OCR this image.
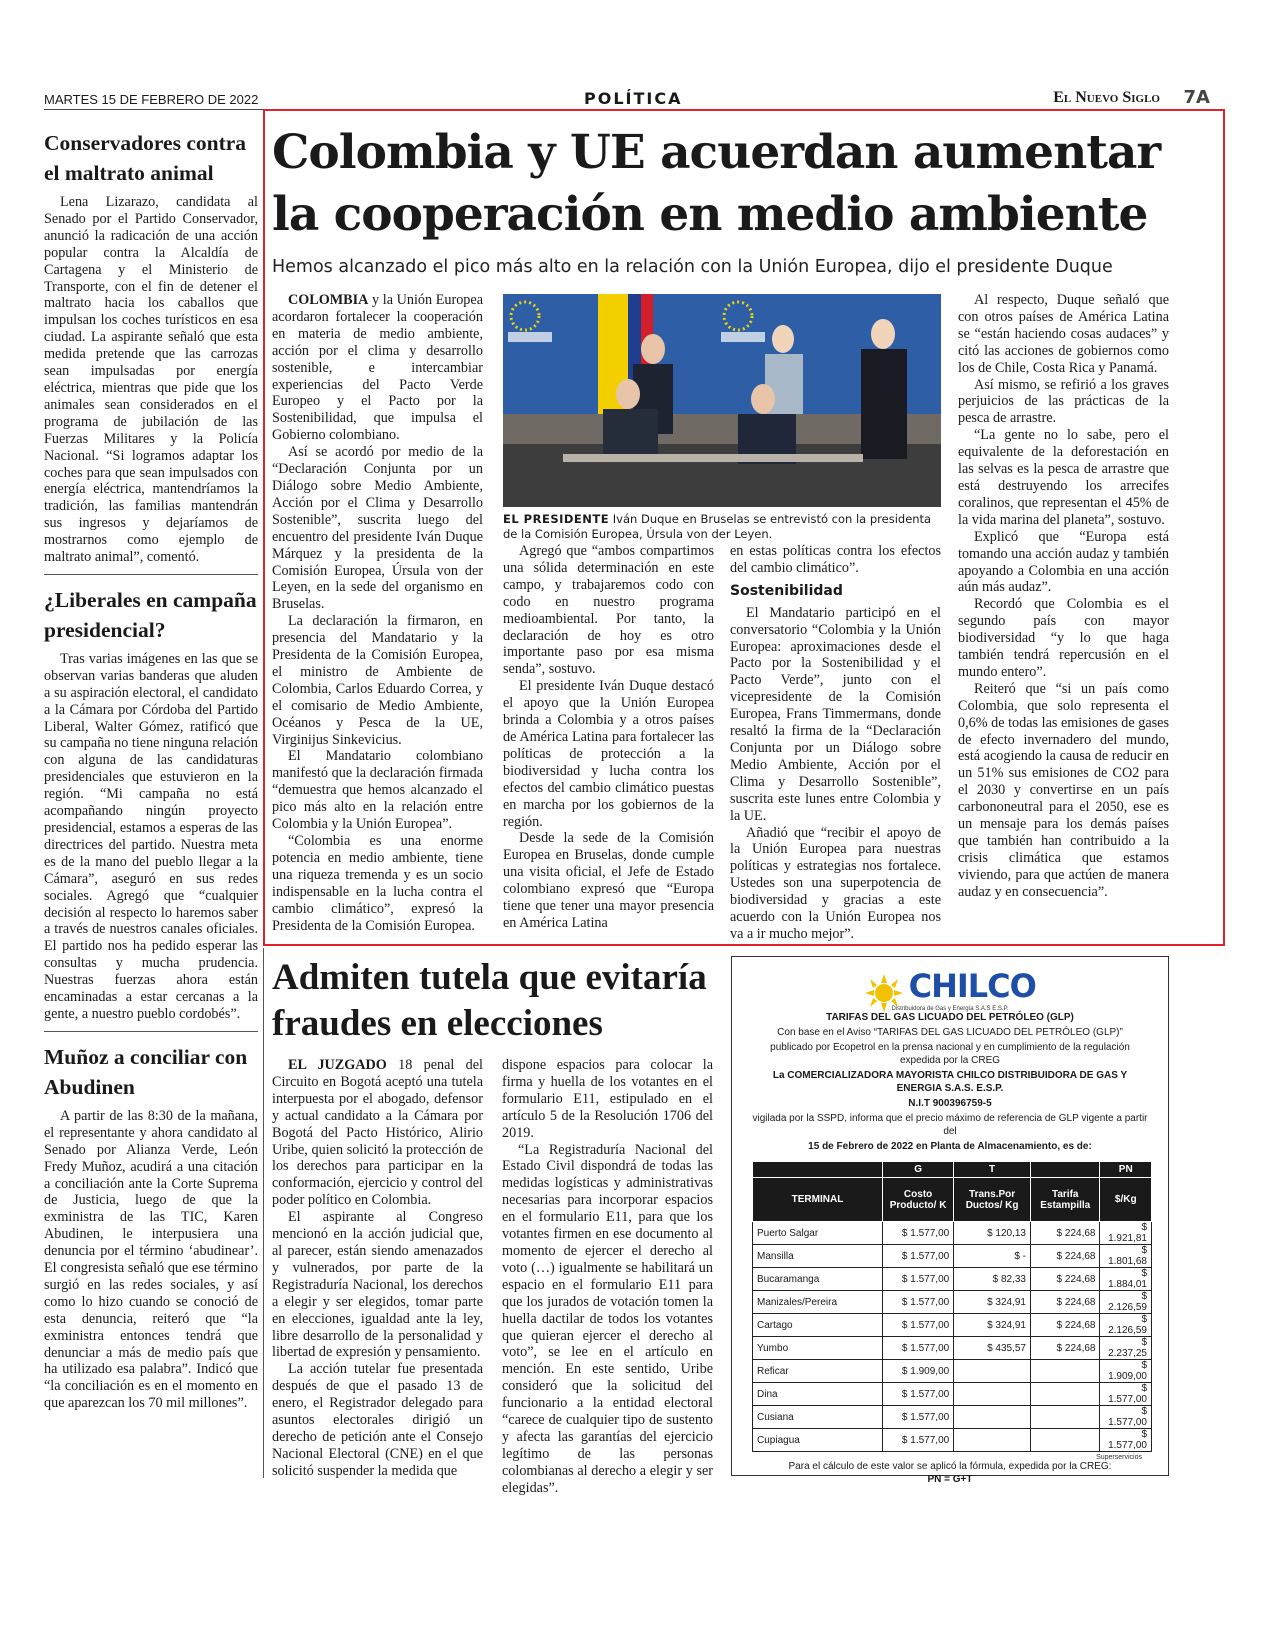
MARTES 15 DE FEBRERO DE 2022	POLÍTICA	El Nuevo Siglo 7A
Conservadores contra el maltrato animal

Lena Lizarazo, candidata al Senado por el Partido Conservador, anunció la radicación de una acción popular contra la Alcaldía de Cartagena y el Ministerio de Transporte, con el fin de detener el maltrato hacia los caballos que impulsan los coches turísticos en esa ciudad. La aspirante señaló que esta medida pretende que las carrozas sean impulsadas por energía eléctrica, mientras que pide que los animales sean considerados en el programa de jubilación de las Fuerzas Militares y la Policía Nacional. “Si logramos adaptar los coches para que sean impulsados con energía eléctrica, mantendríamos la tradición, las familias mantendrán sus ingresos y dejaríamos de mostrarnos como ejemplo de maltrato animal”, comentó.

¿Liberales en campaña presidencial?

Tras varias imágenes en las que se observan varias banderas que aluden a su aspiración electoral, el candidato a la Cámara por Córdoba del Partido Liberal, Walter Gómez, ratificó que su campaña no tiene ninguna relación con alguna de las candidaturas presidenciales que estuvieron en la región. “Mi campaña no está acompañando ningún proyecto presidencial, estamos a esperas de las directrices del partido. Nuestra meta es de la mano del pueblo llegar a la Cámara”, aseguró en sus redes sociales. Agregó que “cualquier decisión al respecto lo haremos saber a través de nuestros canales oficiales. El partido nos ha pedido esperar las consultas y mucha prudencia. Nuestras fuerzas ahora están encaminadas a estar cercanas a la gente, a nuestro pueblo cordobés”.

Muñoz a conciliar con Abudinen

A partir de las 8:30 de la mañana, el representante y ahora candidato al Senado por Alianza Verde, León Fredy Muñoz, acudirá a una citación a conciliación ante la Corte Suprema de Justicia, luego de que la exministra de las TIC, Karen Abudinen, le interpusiera una denuncia por el término ‘abudinear’. El congresista señaló que ese término surgió en las redes sociales, y así como lo hizo cuando se conoció de esta denuncia, reiteró que “la exministra entonces tendrá que denunciar a más de medio país que ha utilizado esa palabra”. Indicó que “la conciliación es en el momento en que aparezcan los 70 mil millones”.

Colombia y UE acuerdan aumentar la cooperación en medio ambiente
Hemos alcanzado el pico más alto en la relación con la Unión Europea, dijo el presidente Duque

COLOMBIA y la Unión Europea acordaron fortalecer la cooperación en materia de medio ambiente, acción por el clima y desarrollo sostenible, e intercambiar experiencias del Pacto Verde Europeo y el Pacto por la Sostenibilidad, que impulsa el Gobierno colombiano.

Así se acordó por medio de la “Declaración Conjunta por un Diálogo sobre Medio Ambiente, Acción por el Clima y Desarrollo Sostenible”, suscrita luego del encuentro del presidente Iván Duque Márquez y la presidenta de la Comisión Europea, Úrsula von der Leyen, en la sede del organismo en Bruselas.

La declaración la firmaron, en presencia del Mandatario y la Presidenta de la Comisión Europea, el ministro de Ambiente de Colombia, Carlos Eduardo Correa, y el comisario de Medio Ambiente, Océanos y Pesca de la UE, Virginijus Sinkevicius.

El Mandatario colombiano manifestó que la declaración firmada “demuestra que hemos alcanzado el pico más alto en la relación entre Colombia y la Unión Europea”.

“Colombia es una enorme potencia en medio ambiente, tiene una riqueza tremenda y es un socio indispensable en la lucha contra el cambio climático”, expresó la Presidenta de la Comisión Europea.

EL PRESIDENTE Iván Duque en Bruselas se entrevistó con la presidenta de la Comisión Europea, Úrsula von der Leyen.

Agregó que “ambos compartimos una sólida determinación en este campo, y trabajaremos codo con codo en nuestro programa medioambiental. Por tanto, la declaración de hoy es otro importante paso por esa misma senda”, sostuvo.

El presidente Iván Duque destacó el apoyo que la Unión Europea brinda a Colombia y a otros países de América Latina para fortalecer las políticas de protección a la biodiversidad y lucha contra los efectos del cambio climático puestas en marcha por los gobiernos de la región.

Desde la sede de la Comisión Europea en Bruselas, donde cumple una visita oficial, el Jefe de Estado colombiano expresó que “Europa tiene que tener una mayor presencia en América Latina

en estas políticas contra los efectos del cambio climático”.

Sostenibilidad

El Mandatario participó en el conversatorio “Colombia y la Unión Europea: aproximaciones desde el Pacto por la Sostenibilidad y el Pacto Verde”, junto con el vicepresidente de la Comisión Europea, Frans Timmermans, donde resaltó la firma de la “Declaración Conjunta por un Diálogo sobre Medio Ambiente, Acción por el Clima y Desarrollo Sostenible”, suscrita este lunes entre Colombia y la UE.

Añadió que “recibir el apoyo de la Unión Europea para nuestras políticas y estrategias nos fortalece. Ustedes son una superpotencia de biodiversidad y gracias a este acuerdo con la Unión Europea nos va a ir mucho mejor”.

Al respecto, Duque señaló que con otros países de América Latina se “están haciendo cosas audaces” y citó las acciones de gobiernos como los de Chile, Costa Rica y Panamá.

Así mismo, se refirió a los graves perjuicios de las prácticas de la pesca de arrastre.

“La gente no lo sabe, pero el equivalente de la deforestación en las selvas es la pesca de arrastre que está destruyendo los arrecifes coralinos, que representan el 45% de la vida marina del planeta”, sostuvo.

Explicó que “Europa está tomando una acción audaz y también apoyando a Colombia en una acción aún más audaz”.

Recordó que Colombia es el segundo país con mayor biodiversidad “y lo que haga también tendrá repercusión en el mundo entero”.

Reiteró que “si un país como Colombia, que solo representa el 0,6% de todas las emisiones de gases de efecto invernadero del mundo, está acogiendo la causa de reducir en un 51% sus emisiones de CO2 para el 2030 y convertirse en un país carbononeutral para el 2050, ese es un mensaje para los demás países que también han contribuido a la crisis climática que estamos viviendo, para que actúen de manera audaz y en consecuencia”.

Admiten tutela que evitaría fraudes en elecciones

EL JUZGADO 18 penal del Circuito en Bogotá aceptó una tutela interpuesta por el abogado, defensor y actual candidato a la Cámara por Bogotá del Pacto Histórico, Alirio Uribe, quien solicitó la protección de los derechos para participar en la conformación, ejercicio y control del poder político en Colombia.

El aspirante al Congreso mencionó en la acción judicial que, al parecer, están siendo amenazados y vulnerados, por parte de la Registraduría Nacional, los derechos a elegir y ser elegidos, tomar parte en elecciones, igualdad ante la ley, libre desarrollo de la personalidad y libertad de expresión y pensamiento.

La acción tutelar fue presentada después de que el pasado 13 de enero, el Registrador delegado para asuntos electorales dirigió un derecho de petición ante el Consejo Nacional Electoral (CNE) en el que solicitó suspender la medida que

dispone espacios para colocar la firma y huella de los votantes en el formulario E11, estipulado en el artículo 5 de la Resolución 1706 del 2019.

“La Registraduría Nacional del Estado Civil dispondrá de todas las medidas logísticas y administrativas necesarias para incorporar espacios en el formulario E11, para que los votantes firmen en ese documento al momento de ejercer el derecho al voto (…) igualmente se habilitará un espacio en el formulario E11 para que los jurados de votación tomen la huella dactilar de todos los votantes que quieran ejercer el derecho al voto”, se lee en el artículo en mención. En este sentido, Uribe consideró que la solicitud del funcionario a la entidad electoral “carece de cualquier tipo de sustento y afecta las garantías del ejercicio legítimo de las personas colombianas al derecho a elegir y ser elegidas”.

CHILCO
Distribuidora de Gas y Energía S.A.S E.S.P.

TARIFAS DEL GAS LICUADO DEL PETRÓLEO (GLP)

Con base en el Aviso “TARIFAS DEL GAS LICUADO DEL PETRÓLEO (GLP)”

publicado por Ecopetrol en la prensa nacional y en cumplimiento de la regulación expedida por la CREG

La COMERCIALIZADORA MAYORISTA CHILCO DISTRIBUIDORA DE GAS Y ENERGIA S.A.S. E.S.P.

N.I.T 900396759-5

vigilada por la SSPD, informa que el precio máximo de referencia de GLP vigente a partir del

15 de Febrero de 2022 en Planta de Almacenamiento, es de:

	G	T		PN
TERMINAL	Costo Producto/ K	Trans.Por Ductos/ Kg	Tarifa Estampilla	$/Kg
Puerto Salgar	$ 1.577,00	$ 120,13	$ 224,68	$ 1.921,81
Mansilla	$ 1.577,00	$ -	$ 224,68	$ 1.801,68
Bucaramanga	$ 1.577,00	$ 82,33	$ 224,68	$ 1.884,01
Manizales/Pereira	$ 1.577,00	$ 324,91	$ 224,68	$ 2.126,59
Cartago	$ 1.577,00	$ 324,91	$ 224,68	$ 2.126,59
Yumbo	$ 1.577,00	$ 435,57	$ 224,68	$ 2.237,25
Reficar	$ 1.909,00			$ 1.909,00
Dina	$ 1.577,00			$ 1.577,00
Cusiana	$ 1.577,00			$ 1.577,00
Cupiagua	$ 1.577,00			$ 1.577,00

Para el cálculo de este valor se aplicó la fórmula, expedida por la CREG:
PN = G+T

Superservicios
